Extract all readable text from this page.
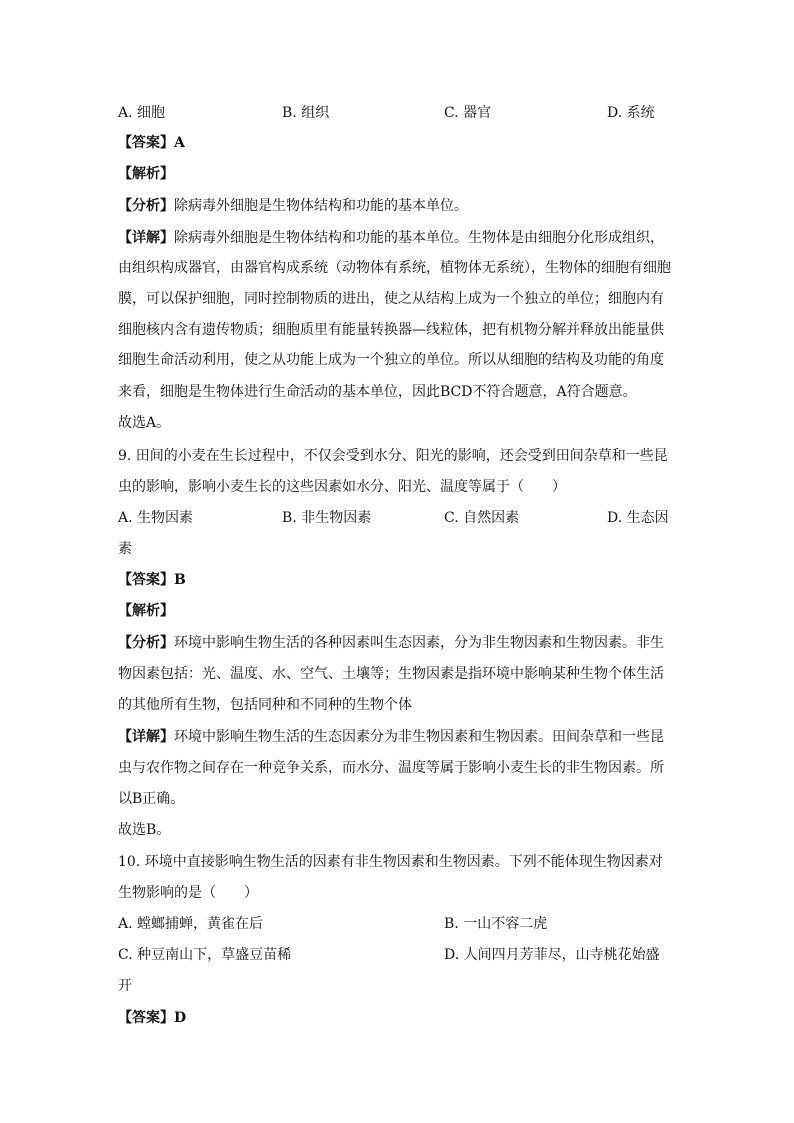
A. 细胞	B. 组织	C. 器官	D. 系统
【答案】A
【解析】
【分析】除病毒外细胞是生物体结构和功能的基本单位。
【详解】除病毒外细胞是生物体结构和功能的基本单位。生物体是由细胞分化形成组织，
由组织构成器官，由器官构成系统（动物体有系统，植物体无系统），生物体的细胞有细胞
膜，可以保护细胞，同时控制物质的进出，使之从结构上成为一个独立的单位；细胞内有
细胞核内含有遗传物质；细胞质里有能量转换器—线粒体，把有机物分解并释放出能量供
细胞生命活动利用，使之从功能上成为一个独立的单位。所以从细胞的结构及功能的角度
来看，细胞是生物体进行生命活动的基本单位，因此BCD不符合题意，A符合题意。
故选A。
9. 田间的小麦在生长过程中，不仅会受到水分、阳光的影响，还会受到田间杂草和一些昆
虫的影响，影响小麦生长的这些因素如水分、阳光、温度等属于（　　）
A. 生物因素	B. 非生物因素	C. 自然因素	D. 生态因
素
【答案】B
【解析】
【分析】环境中影响生物生活的各种因素叫生态因素，分为非生物因素和生物因素。非生
物因素包括：光、温度、水、空气、土壤等；生物因素是指环境中影响某种生物个体生活
的其他所有生物，包括同种和不同种的生物个体
【详解】环境中影响生物生活的生态因素分为非生物因素和生物因素。田间杂草和一些昆
虫与农作物之间存在一种竞争关系，而水分、温度等属于影响小麦生长的非生物因素。所
以B正确。
故选B。
10. 环境中直接影响生物生活的因素有非生物因素和生物因素。下列不能体现生物因素对
生物影响的是（　　）
A. 螳螂捕蝉，黄雀在后	B. 一山不容二虎
C. 种豆南山下，草盛豆苗稀	D. 人间四月芳菲尽，山寺桃花始盛
开
【答案】D
